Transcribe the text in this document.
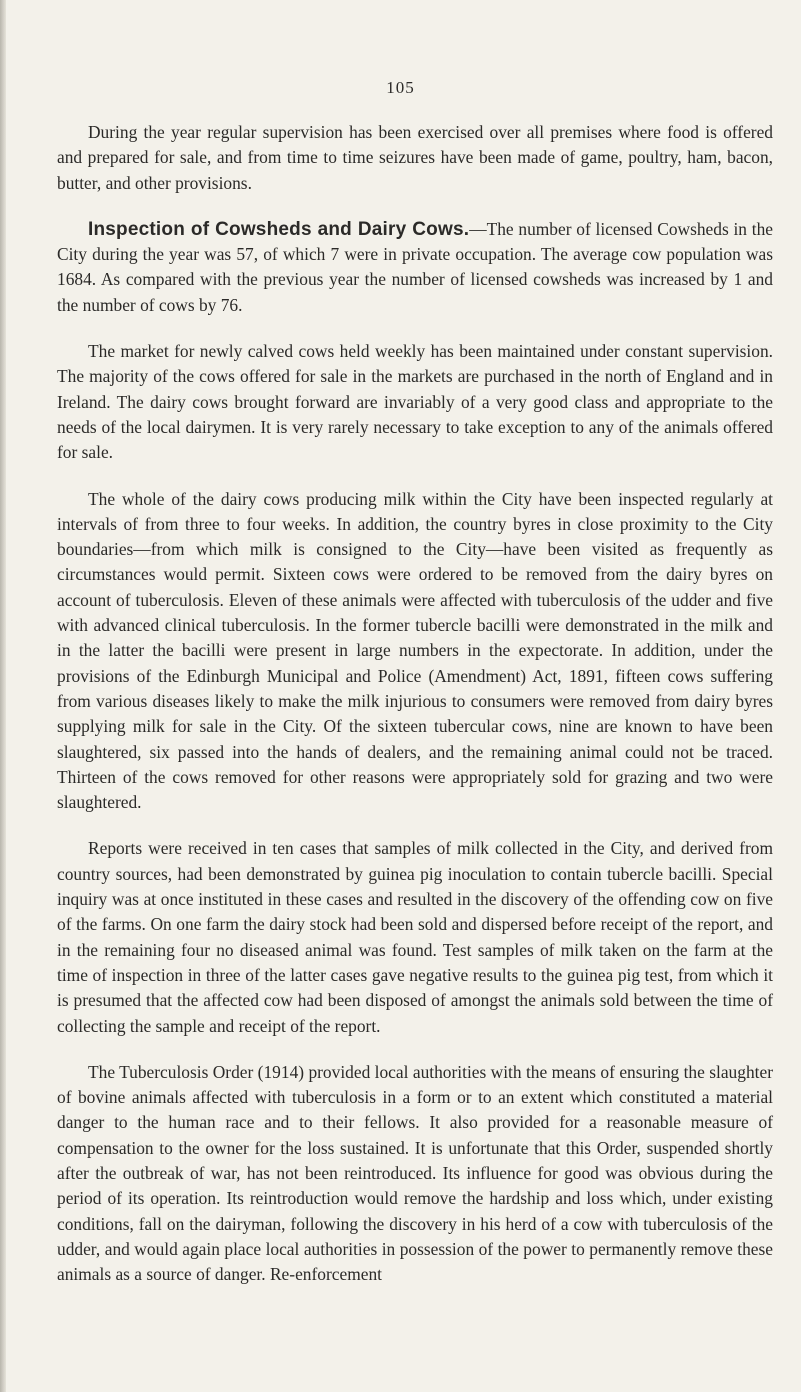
105

During the year regular supervision has been exercised over all premises where food is offered and prepared for sale, and from time to time seizures have been made of game, poultry, ham, bacon, butter, and other provisions.

Inspection of Cowsheds and Dairy Cows.—The number of licensed Cowsheds in the City during the year was 57, of which 7 were in private occupation. The average cow population was 1684. As compared with the previous year the number of licensed cowsheds was increased by 1 and the number of cows by 76.

The market for newly calved cows held weekly has been maintained under constant supervision. The majority of the cows offered for sale in the markets are purchased in the north of England and in Ireland. The dairy cows brought forward are invariably of a very good class and appropriate to the needs of the local dairymen. It is very rarely necessary to take exception to any of the animals offered for sale.

The whole of the dairy cows producing milk within the City have been inspected regularly at intervals of from three to four weeks. In addition, the country byres in close proximity to the City boundaries—from which milk is consigned to the City—have been visited as frequently as circumstances would permit. Sixteen cows were ordered to be removed from the dairy byres on account of tuberculosis. Eleven of these animals were affected with tuberculosis of the udder and five with advanced clinical tuberculosis. In the former tubercle bacilli were demonstrated in the milk and in the latter the bacilli were present in large numbers in the expectorate. In addition, under the provisions of the Edinburgh Municipal and Police (Amendment) Act, 1891, fifteen cows suffering from various diseases likely to make the milk injurious to consumers were removed from dairy byres supplying milk for sale in the City. Of the sixteen tubercular cows, nine are known to have been slaughtered, six passed into the hands of dealers, and the remaining animal could not be traced. Thirteen of the cows removed for other reasons were appropriately sold for grazing and two were slaughtered.

Reports were received in ten cases that samples of milk collected in the City, and derived from country sources, had been demonstrated by guinea pig inoculation to contain tubercle bacilli. Special inquiry was at once instituted in these cases and resulted in the discovery of the offending cow on five of the farms. On one farm the dairy stock had been sold and dispersed before receipt of the report, and in the remaining four no diseased animal was found. Test samples of milk taken on the farm at the time of inspection in three of the latter cases gave negative results to the guinea pig test, from which it is presumed that the affected cow had been disposed of amongst the animals sold between the time of collecting the sample and receipt of the report.

The Tuberculosis Order (1914) provided local authorities with the means of ensuring the slaughter of bovine animals affected with tuberculosis in a form or to an extent which constituted a material danger to the human race and to their fellows. It also provided for a reasonable measure of compensation to the owner for the loss sustained. It is unfortunate that this Order, suspended shortly after the outbreak of war, has not been reintroduced. Its influence for good was obvious during the period of its operation. Its reintroduction would remove the hardship and loss which, under existing conditions, fall on the dairyman, following the discovery in his herd of a cow with tuberculosis of the udder, and would again place local authorities in possession of the power to permanently remove these animals as a source of danger. Re-enforcement
